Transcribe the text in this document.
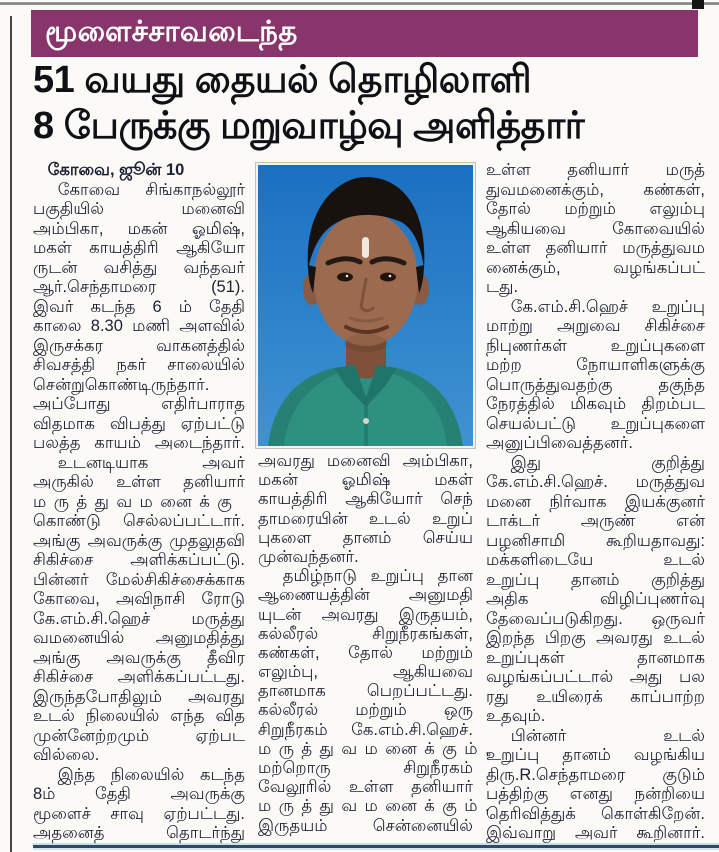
மூளைச்சாவடைந்த
51 வயது தையல் தொழிலாளி
8 பேருக்கு மறுவாழ்வு அளித்தார்
கோவை, ஜூன் 10
கோவை சிங்காநல்லூர்
பகுதியில் மனைவி
அம்பிகா, மகன் ஓமிஷ்,
மகள் காயத்திரி ஆகியோ
ருடன் வசித்து வந்தவர்
ஆர்.செந்தாமரை (51).
இவர் கடந்த 6 ம் தேதி
காலை 8.30 மணி அளவில்
இருசக்கர வாகனத்தில்
சிவசத்தி நகர் சாலையில்
சென்றுகொண்டிருந்தார்.
அப்போது எதிர்பாராத
விதமாக விபத்து ஏற்பட்டு
பலத்த காயம் அடைந்தார்.
உடனடியாக அவர்
அருகில் உள்ள தனியார்
மருத்துவமனைக்கு
கொண்டு செல்லப்பட்டார்.
அங்கு அவருக்கு முதலுதவி
சிகிச்சை அளிக்கப்பட்டு.
பின்னர் மேல்சிகிச்சைக்காக
கோவை, அவிநாசி ரோடு
கே.எம்.சி.ஹெச் மருத்து
வமனையில் அனுமதித்து
அங்கு அவருக்கு தீவிர
சிகிச்சை அளிக்கப்பட்டது.
இருந்தபோதிலும் அவரது
உடல் நிலையில் எந்த வித
முன்னேற்றமும் ஏற்பட
வில்லை.
இந்த நிலையில் கடந்த
8ம் தேதி அவருக்கு
மூளைச் சாவு ஏற்பட்டது.
அதனைத் தொடர்ந்து
அவரது மனைவி அம்பிகா,
மகன் ஓமிஷ் மகள்
காயத்திரி ஆகியோர் செந்
தாமரையின் உடல் உறுப்
புகளை தானம் செய்ய
முன்வந்தனர்.
தமிழ்நாடு உறுப்பு தான
ஆணையத்தின் அனுமதி
யுடன் அவரது இருதயம்,
கல்லீரல் சிறுநீரகங்கள்,
கண்கள், தோல் மற்றும்
எலும்பு, ஆகியவை
தானமாக பெறப்பட்டது.
கல்லீரல் மற்றும் ஒரு
சிறுநீரகம் கே.எம்.சி.ஹெச்.
மருத்துவமனைக்கும்,
மற்றொரு சிறுநீரகம்
வேலூரில் உள்ள தனியார்
மருத்துவமனைக்கும்,
இருதயம் சென்னையில்
உள்ள தனியார் மருத்
துவமனைக்கும், கண்கள்,
தோல் மற்றும் எலும்பு
ஆகியவை கோவையில்
உள்ள தனியார் மருத்துவம
னைக்கும், வழங்கப்பட்
டது.
கே.எம்.சி.ஹெச் உறுப்பு
மாற்று அறுவை சிகிச்சை
நிபுணர்கள் உறுப்புகளை
மற்ற நோயாளிகளுக்கு
பொருத்துவதற்கு தகுந்த
நேரத்தில் மிகவும் திறம்பட
செயல்பட்டு உறுப்புகளை
அனுப்பிவைத்தனர்.
இது குறித்து
கே.எம்.சி.ஹெச். மருத்துவ
மனை நிர்வாக இயக்குனர்
டாக்டர் அருண் என்
பழனிசாமி கூறியதாவது:
மக்களிடையே உடல்
உறுப்பு தானம் குறித்து
அதிக விழிப்புணர்வு
தேவைப்படுகிறது. ஒருவர்
இறந்த பிறகு அவரது உடல்
உறுப்புகள் தானமாக
வழங்கப்பட்டால் அது பல
ரது உயிரைக் காப்பாற்ற
உதவும்.
பின்னர் உடல்
உறுப்பு தானம் வழங்கிய
திரு.R.செந்தாமரை குடும்
பத்திற்கு எனது நன்றியை
தெரிவித்துக் கொள்கிறேன்.
இவ்வாறு அவர் கூறினார்.
